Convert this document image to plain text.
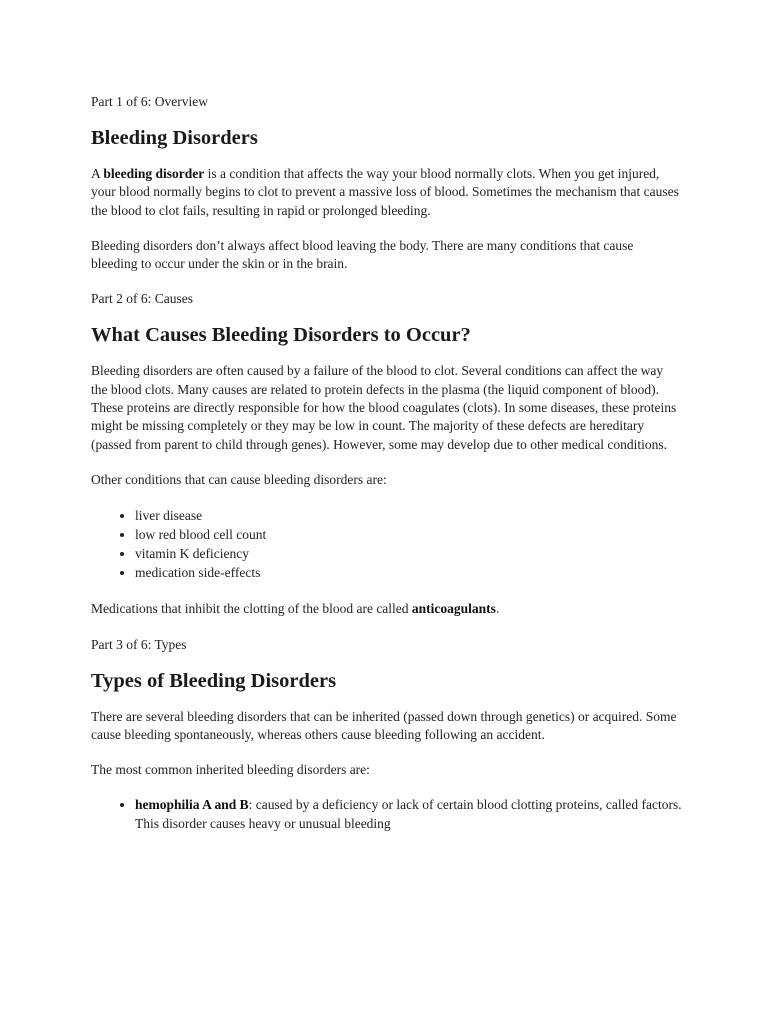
Part 1 of 6: Overview
Bleeding Disorders

A bleeding disorder is a condition that affects the way your blood normally clots. When you get injured, your blood normally begins to clot to prevent a massive loss of blood. Sometimes the mechanism that causes the blood to clot fails, resulting in rapid or prolonged bleeding.

Bleeding disorders don’t always affect blood leaving the body. There are many conditions that cause bleeding to occur under the skin or in the brain.

Part 2 of 6: Causes
What Causes Bleeding Disorders to Occur?

Bleeding disorders are often caused by a failure of the blood to clot. Several conditions can affect the way the blood clots. Many causes are related to protein defects in the plasma (the liquid component of blood). These proteins are directly responsible for how the blood coagulates (clots). In some diseases, these proteins might be missing completely or they may be low in count. The majority of these defects are hereditary (passed from parent to child through genes). However, some may develop due to other medical conditions.

Other conditions that can cause bleeding disorders are:

• liver disease
• low red blood cell count
• vitamin K deficiency
• medication side-effects

Medications that inhibit the clotting of the blood are called anticoagulants.

Part 3 of 6: Types
Types of Bleeding Disorders

There are several bleeding disorders that can be inherited (passed down through genetics) or acquired. Some cause bleeding spontaneously, whereas others cause bleeding following an accident.

The most common inherited bleeding disorders are:

• hemophilia A and B: caused by a deficiency or lack of certain blood clotting proteins, called factors. This disorder causes heavy or unusual bleeding
